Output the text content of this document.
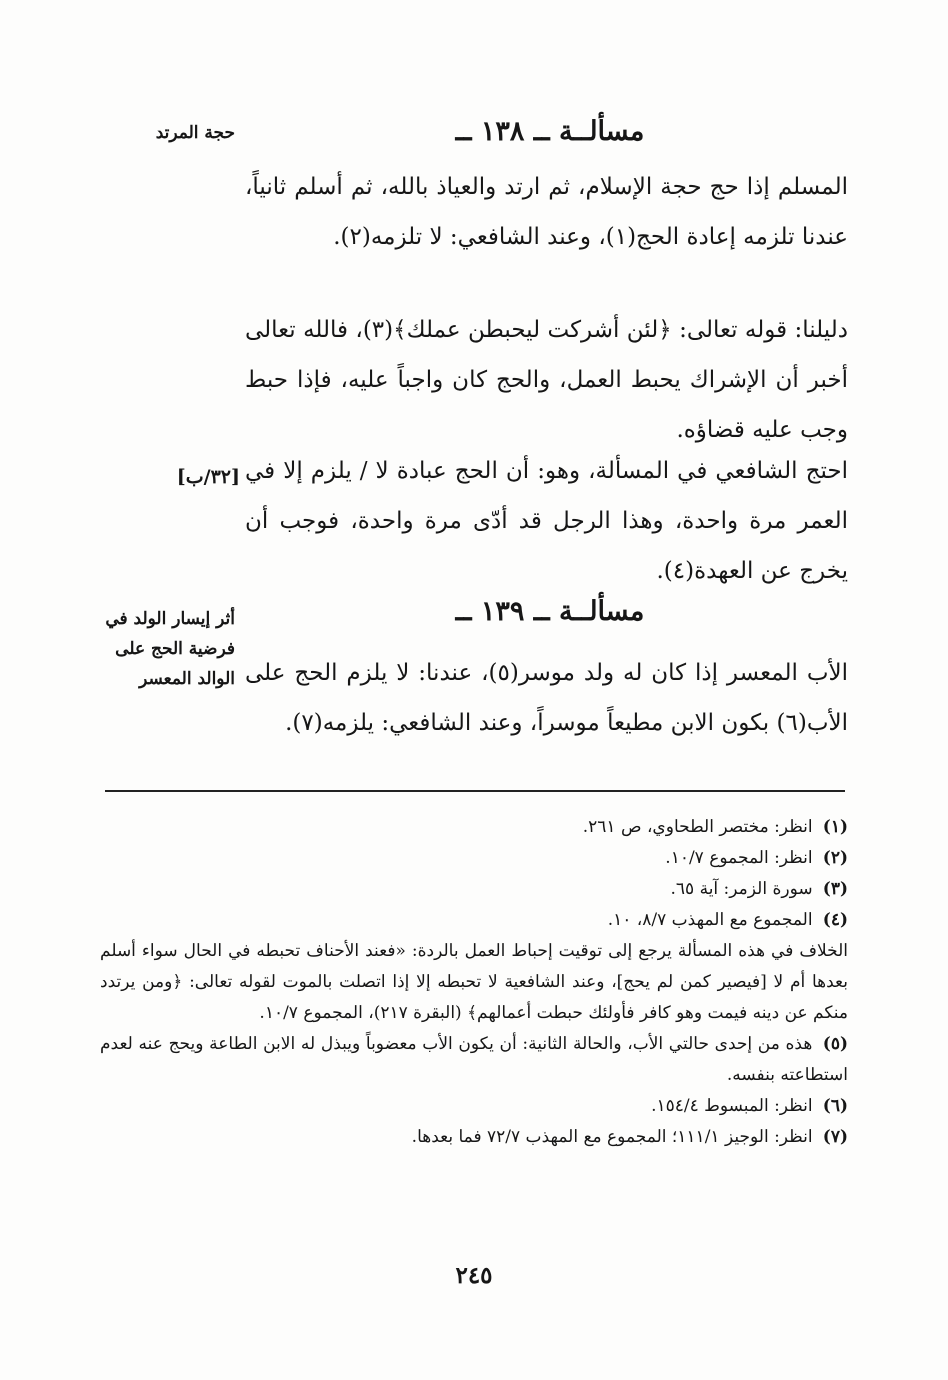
حجة المرتد	مسألــة ــ ١٣٨ ــ
المسلم إذا حج حجة الإسلام، ثم ارتد والعياذ بالله، ثم أسلم ثانياً، عندنا تلزمه إعادة الحج(١)، وعند الشافعي: لا تلزمه(٢).
دليلنا: قوله تعالى: ﴿لئن أشركت ليحبطن عملك﴾(٣)، فالله تعالى أخبر أن الإشراك يحبط العمل، والحج كان واجباً عليه، فإذا حبط وجب عليه قضاؤه.
[٣٢/ب] احتج الشافعي في المسألة، وهو: أن الحج عبادة لا / يلزم إلا في العمر مرة واحدة، وهذا الرجل قد أدّى مرة واحدة، فوجب أن يخرج عن العهدة(٤).
مسألــة ــ ١٣٩ ــ
أثر إيسار الولد في
فرضية الحج على
الوالد المعسر الأب المعسر إذا كان له ولد موسر(٥)، عندنا: لا يلزم الحج على الأب(٦) بكون الابن مطيعاً موسراً، وعند الشافعي: يلزمه(٧).

(١) انظر: مختصر الطحاوي، ص ٢٦١.

(٢) انظر: المجموع ١٠/٧.

(٣) سورة الزمر: آية ٦٥.

(٤) المجموع مع المهذب ٨/٧، ١٠.

الخلاف في هذه المسألة يرجع إلى توقيت إحباط العمل بالردة: «فعند الأحناف تحبطه في الحال سواء أسلم بعدها أم لا [فيصير كمن لم يحج]، وعند الشافعية لا تحبطه إلا إذا اتصلت بالموت لقوله تعالى: ﴿ومن يرتدد منكم عن دينه فيمت وهو كافر فأولئك حبطت أعمالهم﴾ (البقرة ٢١٧)، المجموع ١٠/٧.

(٥) هذه من إحدى حالتي الأب، والحالة الثانية: أن يكون الأب معضوباً ويبذل له الابن الطاعة ويحج عنه لعدم استطاعته بنفسه.

(٦) انظر: المبسوط ١٥٤/٤.

(٧) انظر: الوجيز ١١١/١؛ المجموع مع المهذب ٧٢/٧ فما بعدها.

٢٤٥
